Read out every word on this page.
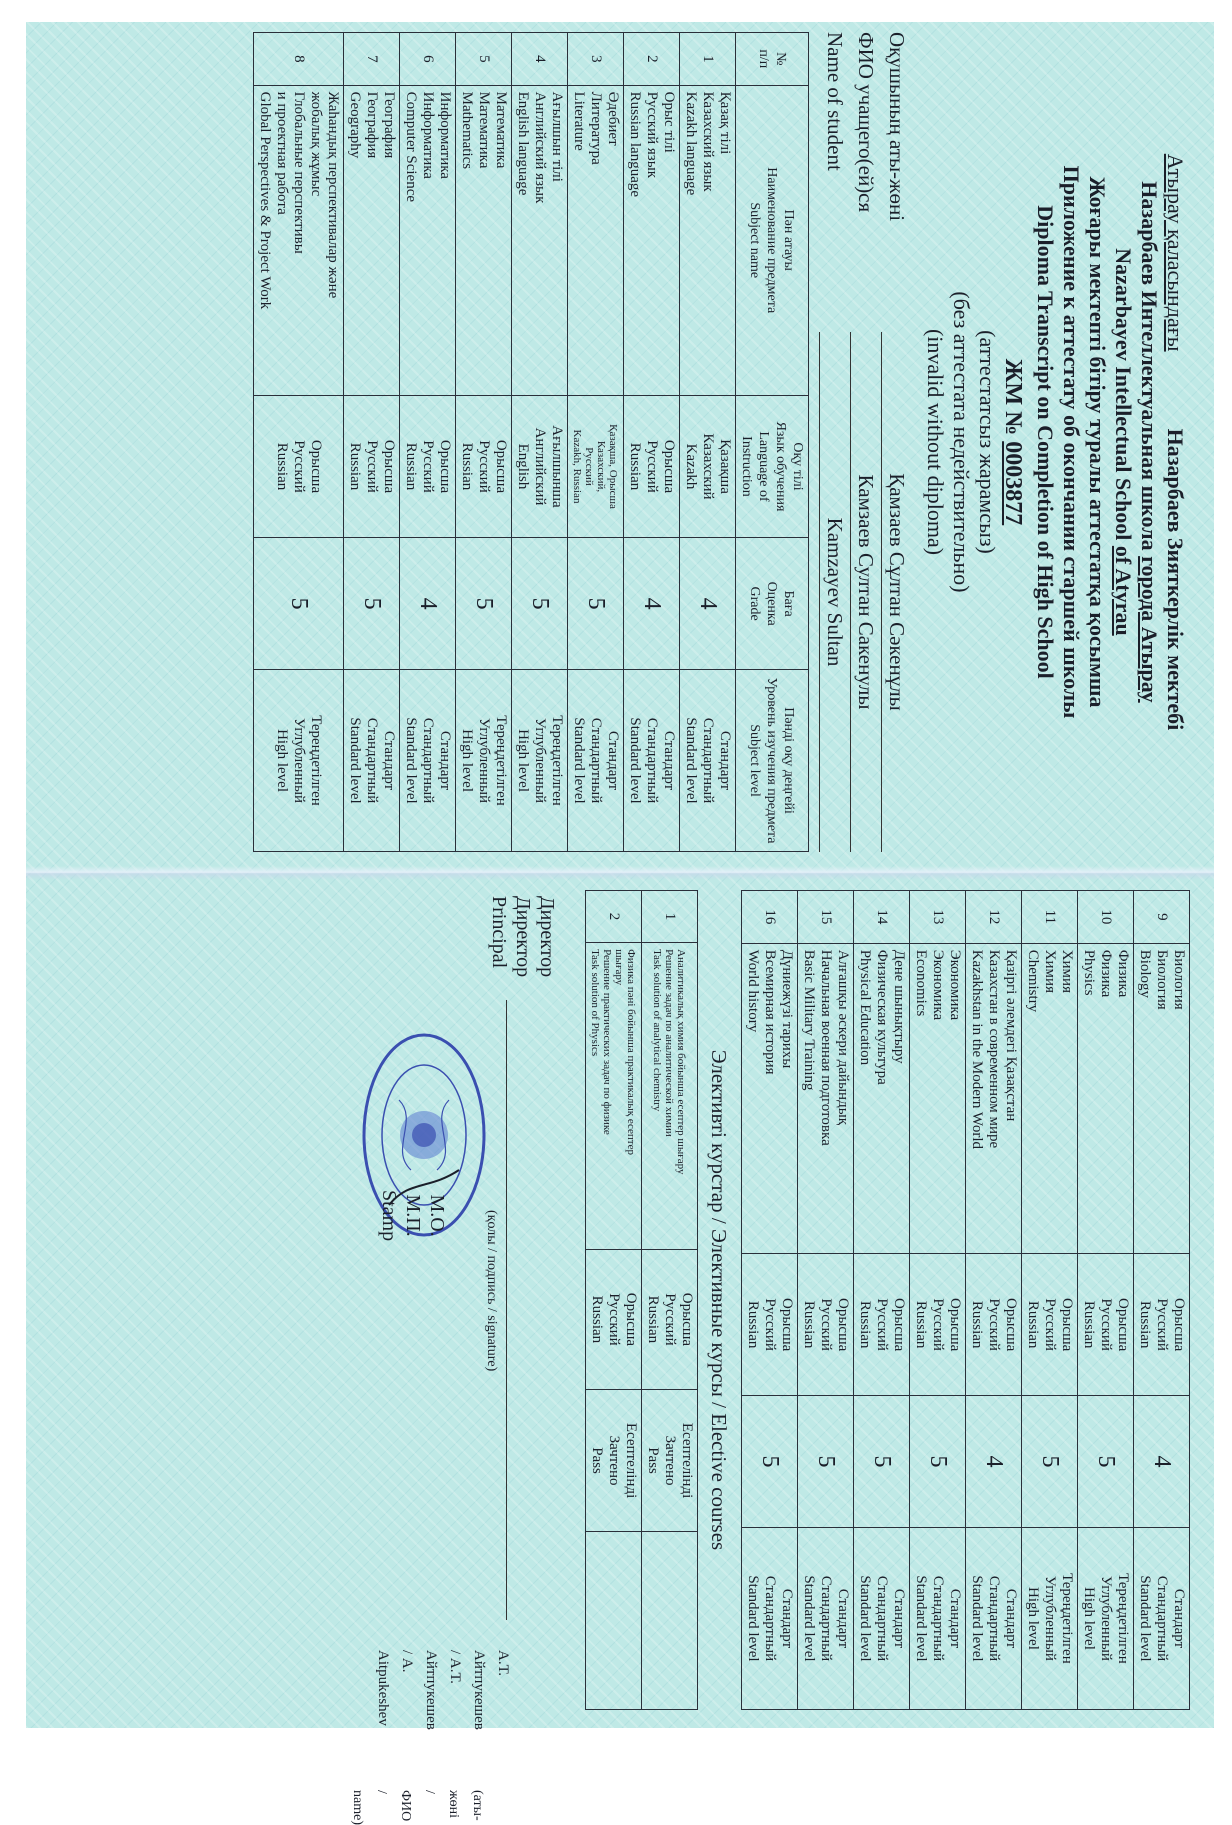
Атырау қаласындағы              Назарбаев Зияткерлік мектебі
Назарбаев Интеллектуальная школа города Атырау
Nazarbayev Intellectual School of Atyrau
Жоғары мектепті бітіру туралы аттестатқа қосымша
Приложение к аттестату об окончании старшей школы
Diploma Transcript on Completion of High School
ЖМ № 0003877
(аттестатсыз жарамсыз)
(без аттестата недействительно)
(invalid without diploma)
Оқушының аты-жөні
Қамзаев Сұлтан Сәкенұлы
ФИО учащего(ей)ся
Камзаев Султан Сакенулы
Name of student
Kamzayev Sultan
№
п/п	Пән атауы
Наименование предмета
Subject name	Оқу тілі
Язык обучения
Language of
Instruction	Баға
Оценка
Grade	Пәнді оқу деңгейі
Уровень изучения предмета
Subject level
1	Қазақ тілі
Казахский язык
Kazakh language	Қазақша
Казахский
Kazakh	4	Стандарт
Стандартный
Standard level
2	Орыс тілі
Русский язык
Russian language	Орысша
Русский
Russian	4	Стандарт
Стандартный
Standard level
3	Әдебиет
Литература
Literature	Қазақша, Орысша
Казахский,
Русский
Kazakh, Russian	5	Стандарт
Стандартный
Standard level
4	Ағылшын тілі
Английский язык
English language	Ағылшынша
Английский
English	5	Тереңдетілген
Углубленный
High level
5	Математика
Математика
Mathematics	Орысша
Русский
Russian	5	Тереңдетілген
Углубленный
High level
6	Информатика
Информатика
Computer Science	Орысша
Русский
Russian	4	Стандарт
Стандартный
Standard level
7	География
География
Geography	Орысша
Русский
Russian	5	Стандарт
Стандартный
Standard level
8	Жаһандық перспективалар және
жобалық жұмыс
Глобальные перспективы
и проектная работа
Global Perspectives & Project Work	Орысша
Русский
Russian	5	Тереңдетілген
Углубленный
High level
9	Биология
Биология
Biology	Орысша
Русский
Russian	4	Стандарт
Стандартный
Standard level
10	Физика
Физика
Physics	Орысша
Русский
Russian	5	Тереңдетілген
Углубленный
High level
11	Химия
Химия
Chemistry	Орысша
Русский
Russian	5	Тереңдетілген
Углубленный
High level
12	Қазіргі әлемдегі Қазақстан
Казахстан в современном мире
Kazakhstan in the Modern World	Орысша
Русский
Russian	4	Стандарт
Стандартный
Standard level
13	Экономика
Экономика
Economics	Орысша
Русский
Russian	5	Стандарт
Стандартный
Standard level
14	Дене шынықтыру
Физическая культура
Physical Education	Орысша
Русский
Russian	5	Стандарт
Стандартный
Standard level
15	Алғашқы әскери дайындық
Начальная военная подготовка
Basic Military Training	Орысша
Русский
Russian	5	Стандарт
Стандартный
Standard level
16	Дүниежүзі тарихы
Всемирная история
World history	Орысша
Русский
Russian	5	Стандарт
Стандартный
Standard level
Элективті курстар / Элективные курсы / Elective courses
1	Аналитикалық химия бойынша есептер шығару
Решение задач по аналитической химии
Task solution of analytical chemistry	Орысша
Русский
Russian	Есептелінді
Зачтено
Pass	
2	Физика пәні бойынша практикалық есептер
шығару
Решение практических задач по физике
Task solution of Physics	Орысша
Русский
Russian	Есептелінді
Зачтено
Pass	
Директор
Директор
Principal
А.Т. Айтпукешев / А.Т. Айтпукешев / A. Aitpukeshev
(қолы / подпись / signature)
(аты-жөні / ФИО / name)
М.О.
М.П.
Stamp
